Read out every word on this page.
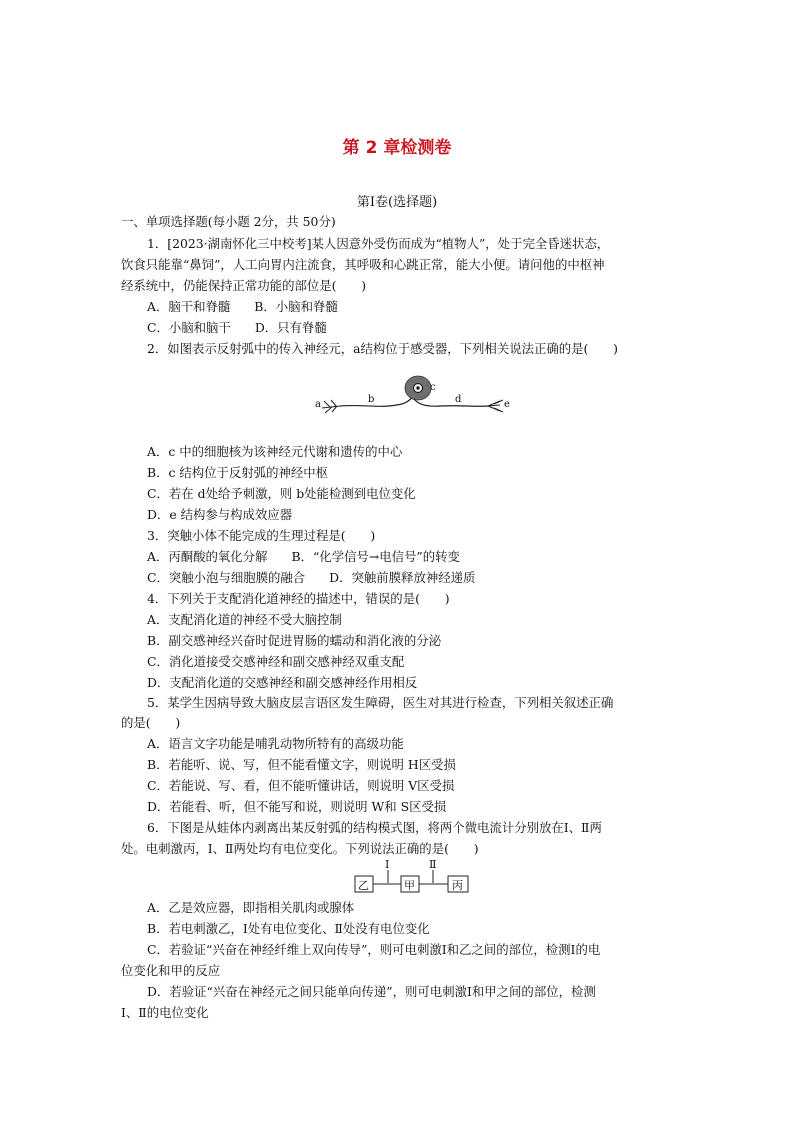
第 2 章检测卷
第Ⅰ卷(选择题)
一、单项选择题(每小题 2分，共 50分)
1．[2023·湖南怀化三中校考]某人因意外受伤而成为“植物人”，处于完全昏迷状态，
饮食只能靠“鼻饲”，人工向胃内注流食，其呼吸和心跳正常，能大小便。请问他的中枢神
经系统中，仍能保持正常功能的部位是(　　)
A．脑干和脊髓 B．小脑和脊髓
C．小脑和脑干 D．只有脊髓
2．如图表示反射弧中的传入神经元，a结构位于感受器，下列相关说法正确的是(　　)
a	b
c
d	e
A．c 中的细胞核为该神经元代谢和遗传的中心
B．c 结构位于反射弧的神经中枢
C．若在 d处给予刺激，则 b处能检测到电位变化
D．e 结构参与构成效应器
3．突触小体不能完成的生理过程是(　　)
A．丙酮酸的氧化分解 B．“化学信号→电信号”的转变
C．突触小泡与细胞膜的融合 D．突触前膜释放神经递质
4．下列关于支配消化道神经的描述中，错误的是(　　)
A．支配消化道的神经不受大脑控制
B．副交感神经兴奋时促进胃肠的蠕动和消化液的分泌
C．消化道接受交感神经和副交感神经双重支配
D．支配消化道的交感神经和副交感神经作用相反
5．某学生因病导致大脑皮层言语区发生障碍，医生对其进行检查，下列相关叙述正确
的是(　　)
A．语言文字功能是哺乳动物所特有的高级功能
B．若能听、说、写，但不能看懂文字，则说明 H区受损
C．若能说、写、看，但不能听懂讲话，则说明 V区受损
D．若能看、听，但不能写和说，则说明 W和 S区受损
6．下图是从蛙体内剥离出某反射弧的结构模式图，将两个微电流计分别放在Ⅰ、Ⅱ两
处。电刺激丙，Ⅰ、Ⅱ两处均有电位变化。下列说法正确的是(　　)
Ⅰ	Ⅱ
乙	甲	丙
A．乙是效应器，即指相关肌肉或腺体
B．若电刺激乙，Ⅰ处有电位变化、Ⅱ处没有电位变化
C．若验证“兴奋在神经纤维上双向传导”，则可电刺激Ⅰ和乙之间的部位，检测Ⅰ的电
位变化和甲的反应
D．若验证“兴奋在神经元之间只能单向传递”，则可电刺激Ⅰ和甲之间的部位，检测
Ⅰ、Ⅱ的电位变化
